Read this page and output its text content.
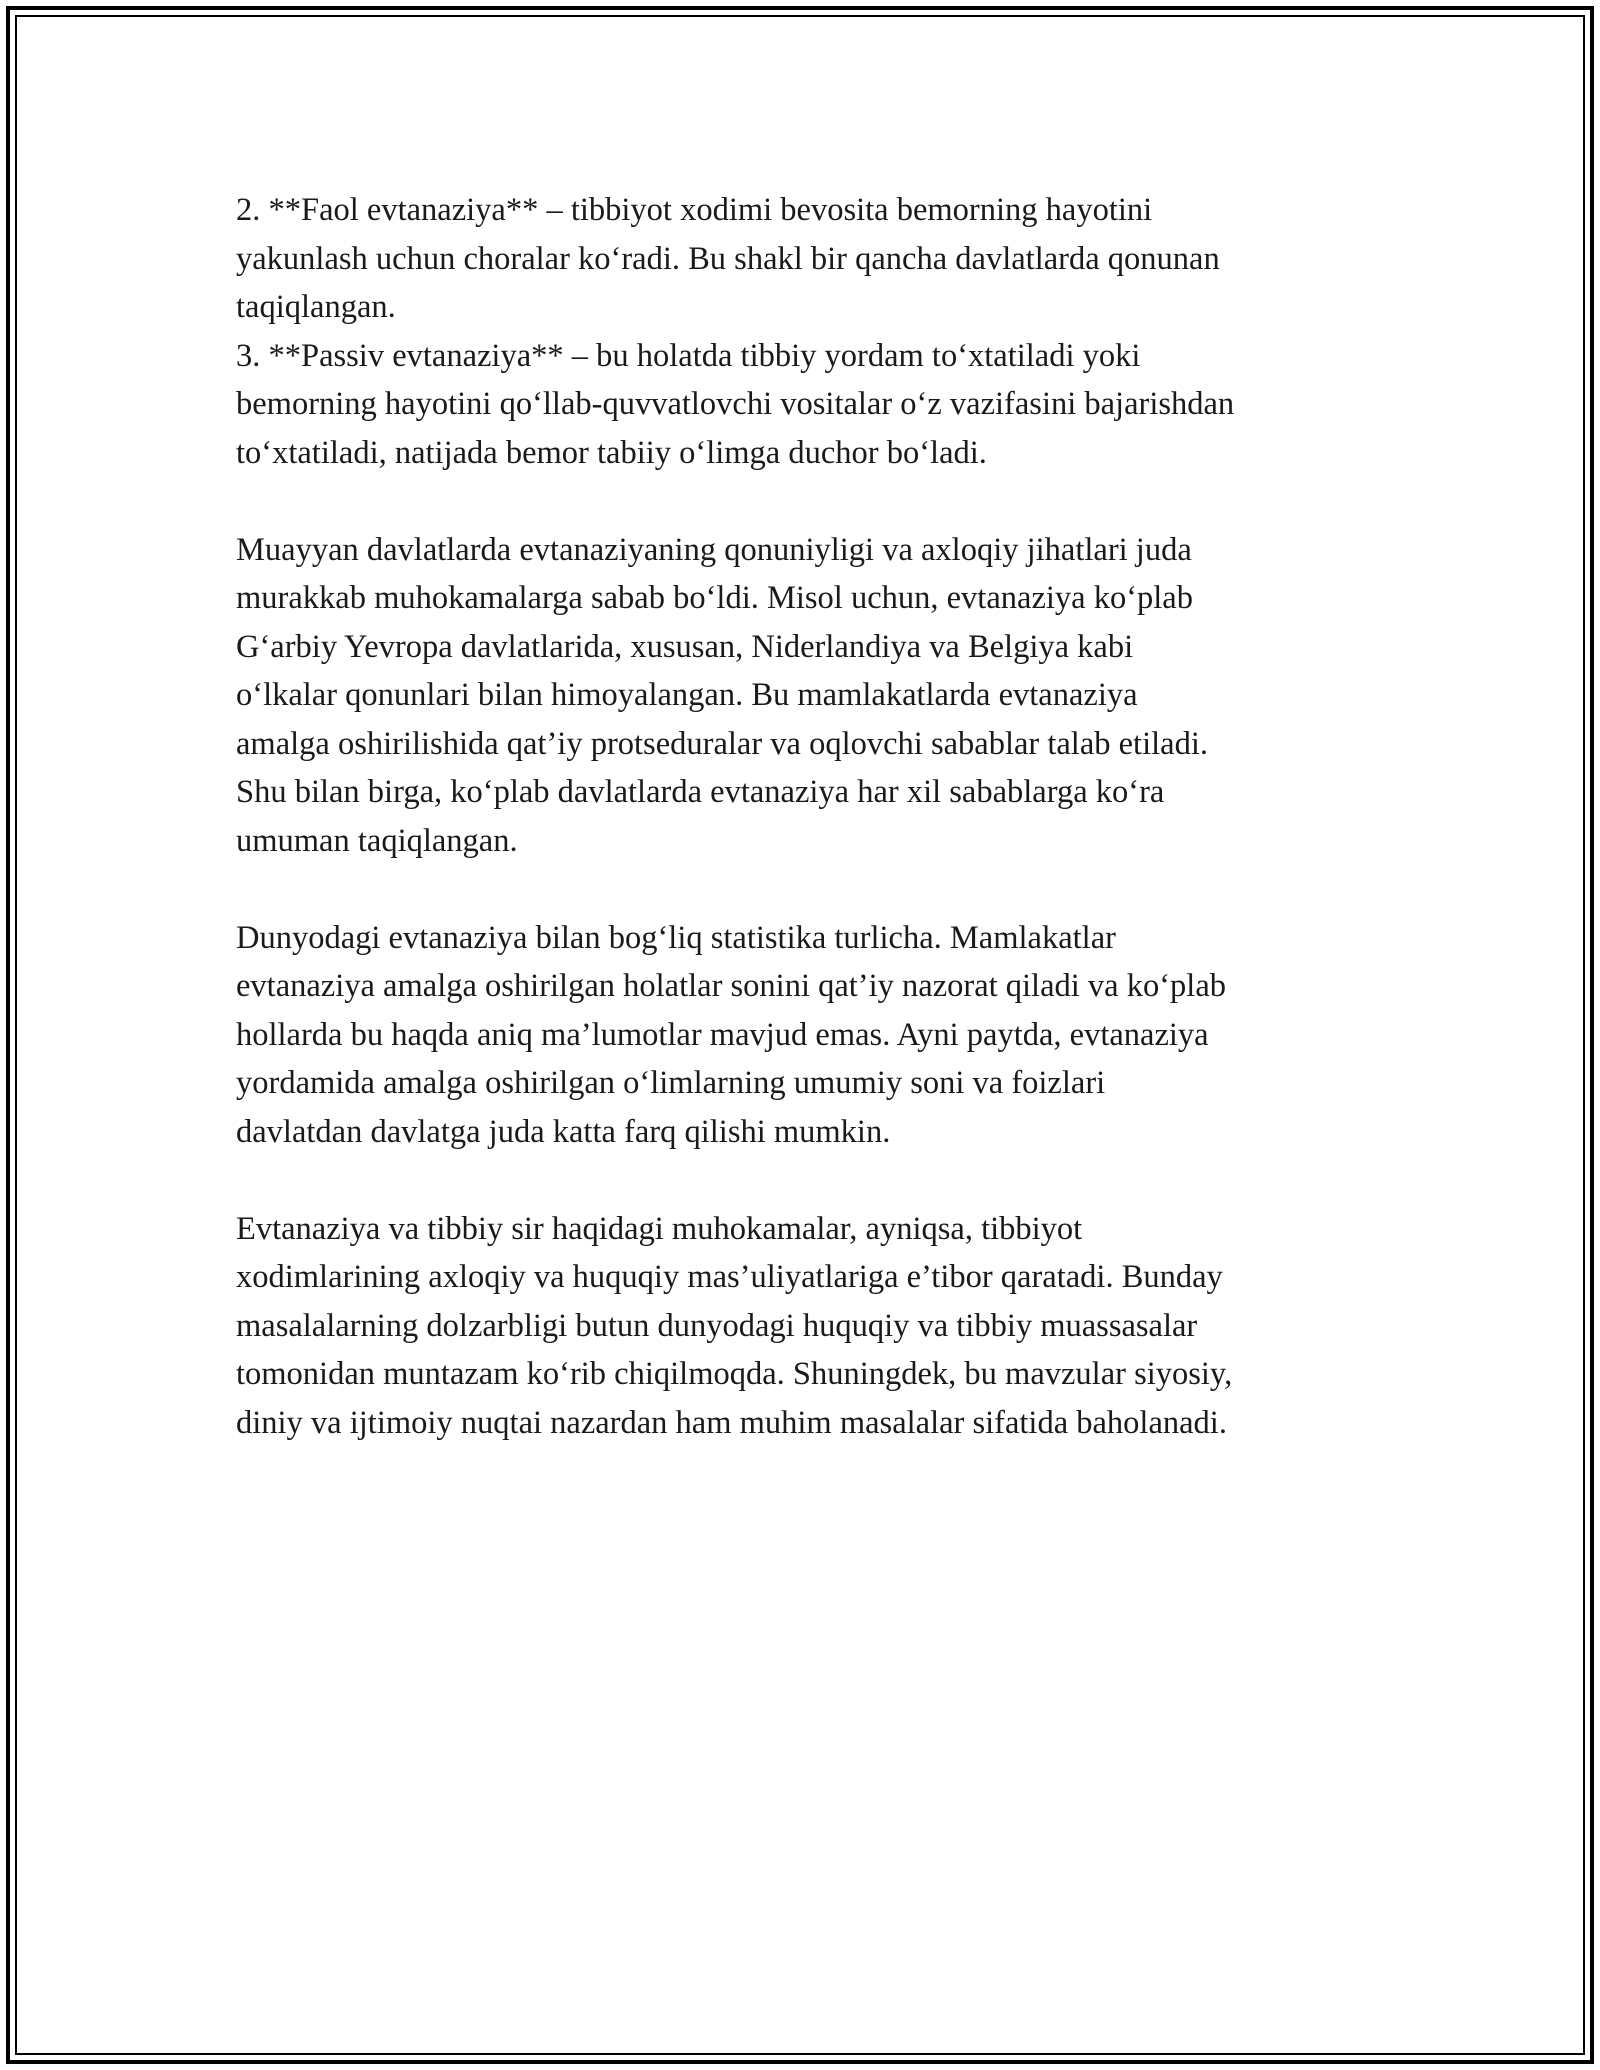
2. **Faol evtanaziya** – tibbiyot xodimi bevosita bemorning hayotini
yakunlash uchun choralar ko‘radi. Bu shakl bir qancha davlatlarda qonunan
taqiqlangan.
3. **Passiv evtanaziya** – bu holatda tibbiy yordam to‘xtatiladi yoki
bemorning hayotini qo‘llab-quvvatlovchi vositalar o‘z vazifasini bajarishdan
to‘xtatiladi, natijada bemor tabiiy o‘limga duchor bo‘ladi.
Muayyan davlatlarda evtanaziyaning qonuniyligi va axloqiy jihatlari juda
murakkab muhokamalarga sabab bo‘ldi. Misol uchun, evtanaziya ko‘plab
G‘arbiy Yevropa davlatlarida, xususan, Niderlandiya va Belgiya kabi
o‘lkalar qonunlari bilan himoyalangan. Bu mamlakatlarda evtanaziya
amalga oshirilishida qat’iy protseduralar va oqlovchi sabablar talab etiladi.
Shu bilan birga, ko‘plab davlatlarda evtanaziya har xil sabablarga ko‘ra
umuman taqiqlangan.
Dunyodagi evtanaziya bilan bog‘liq statistika turlicha. Mamlakatlar
evtanaziya amalga oshirilgan holatlar sonini qat’iy nazorat qiladi va ko‘plab
hollarda bu haqda aniq ma’lumotlar mavjud emas. Ayni paytda, evtanaziya
yordamida amalga oshirilgan o‘limlarning umumiy soni va foizlari
davlatdan davlatga juda katta farq qilishi mumkin.
Evtanaziya va tibbiy sir haqidagi muhokamalar, ayniqsa, tibbiyot
xodimlarining axloqiy va huquqiy mas’uliyatlariga e’tibor qaratadi. Bunday
masalalarning dolzarbligi butun dunyodagi huquqiy va tibbiy muassasalar
tomonidan muntazam ko‘rib chiqilmoqda. Shuningdek, bu mavzular siyosiy,
diniy va ijtimoiy nuqtai nazardan ham muhim masalalar sifatida baholanadi.
